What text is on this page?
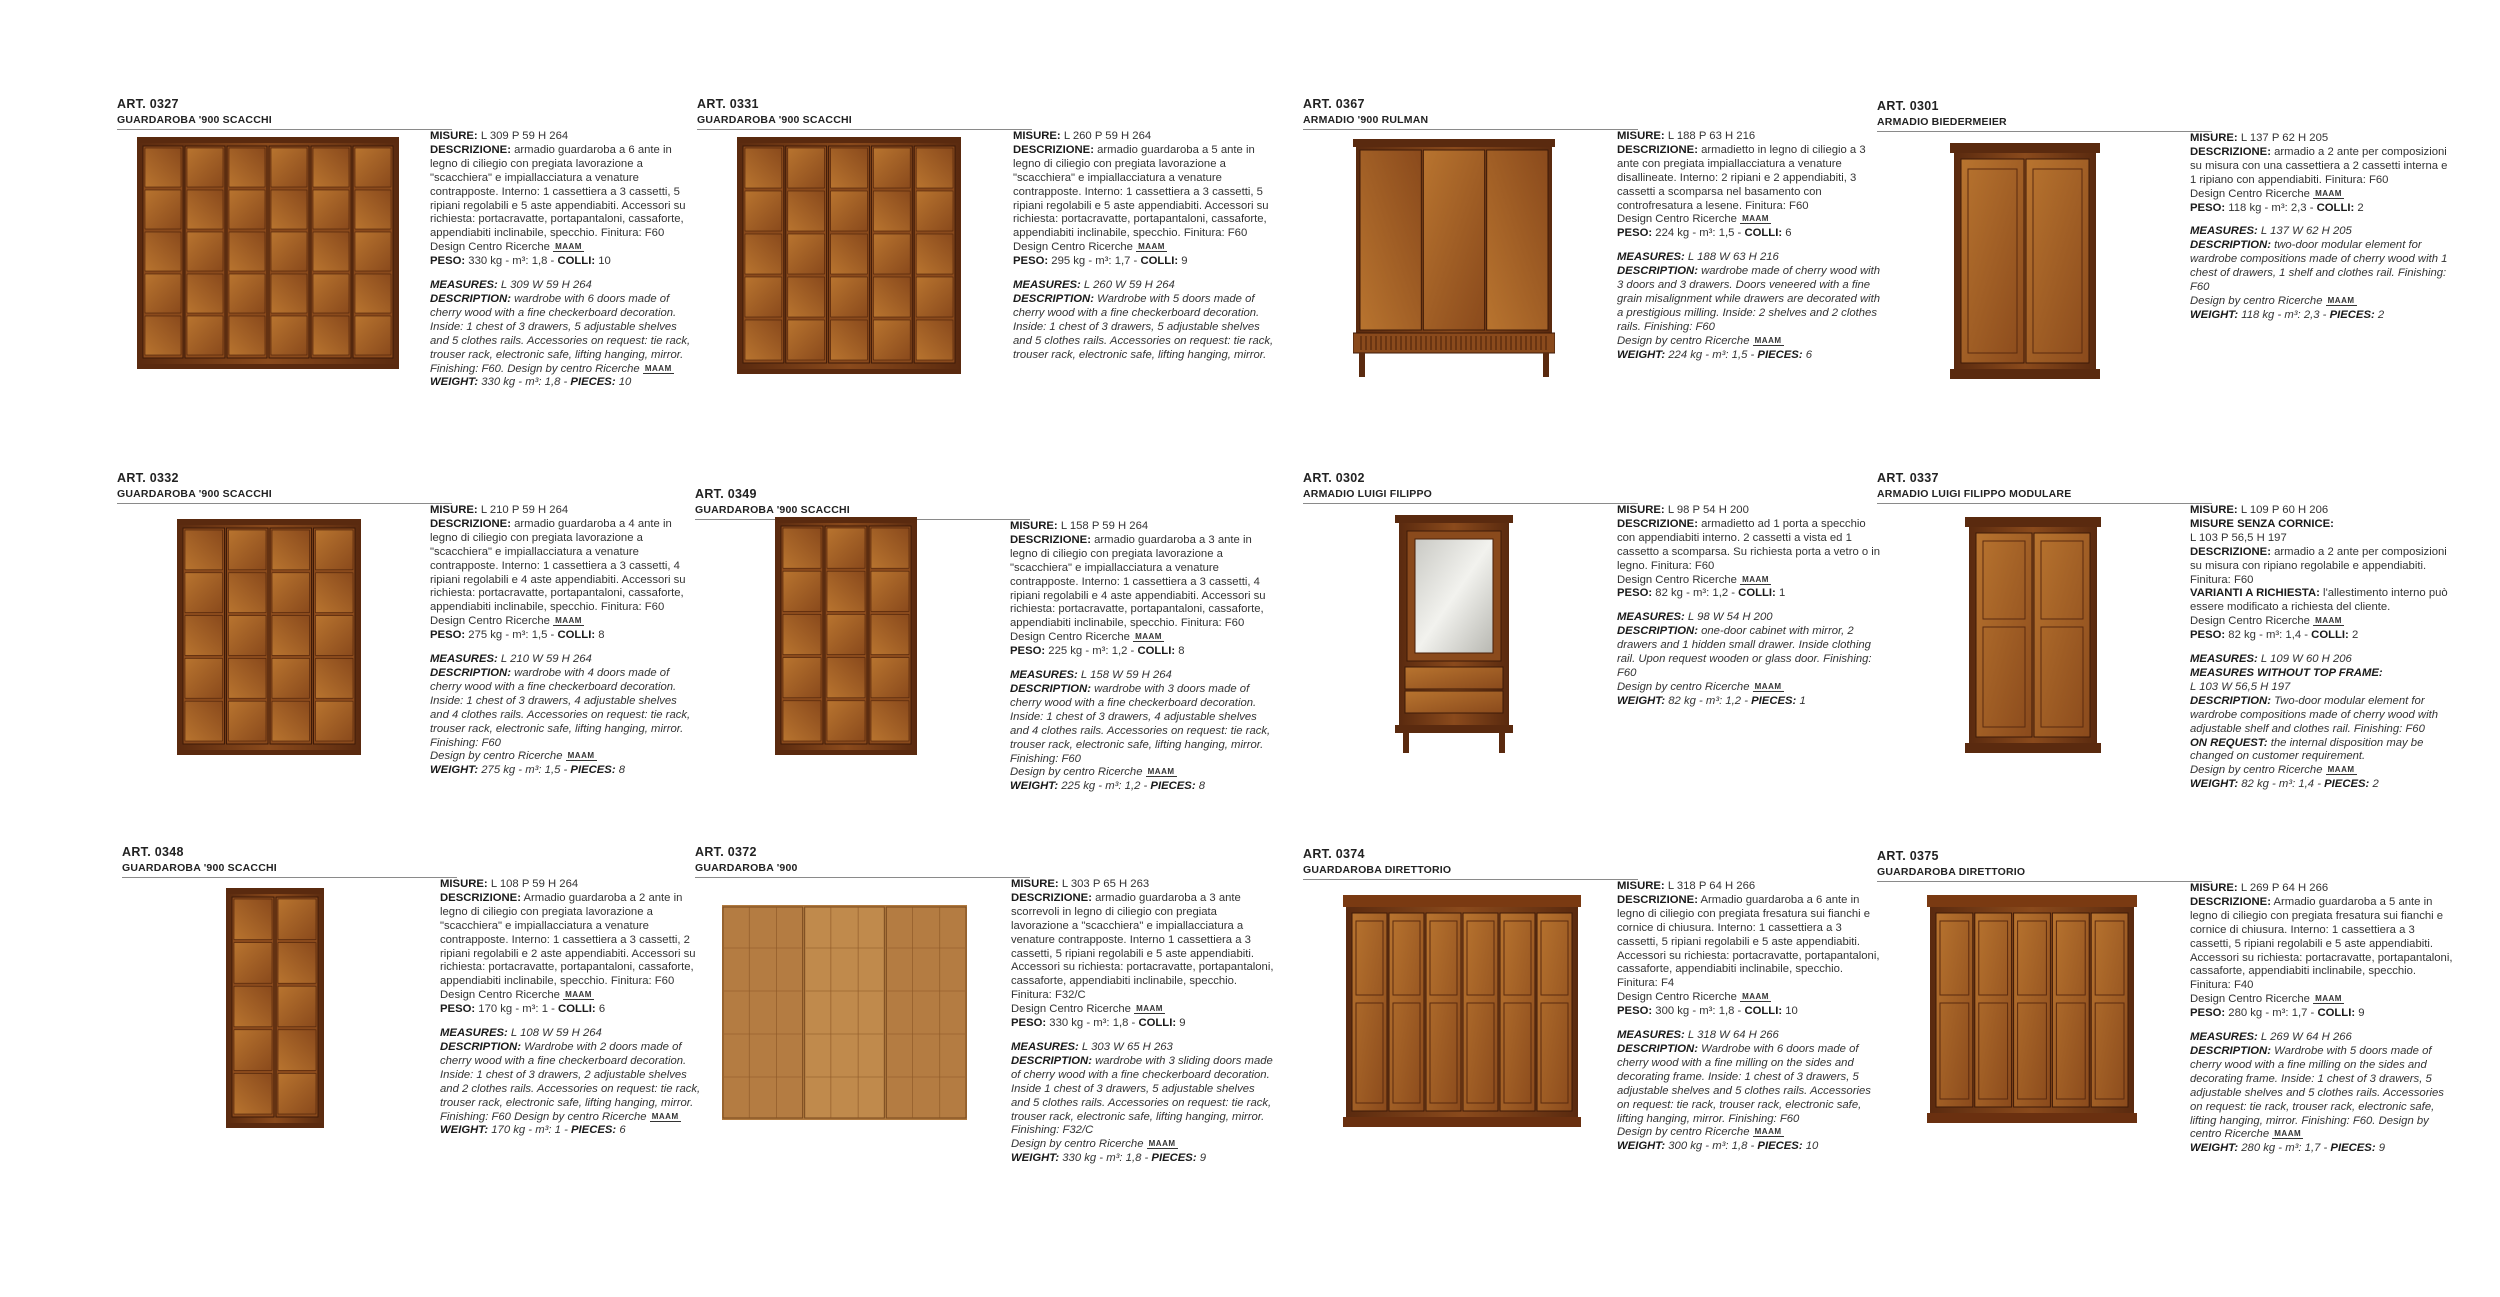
ART. 0327
GUARDAROBA '900 SCACCHI

MISURE: L 309 P 59 H 264

DESCRIZIONE: armadio guardaroba a 6 ante in legno di ciliegio con pregiata lavorazione a "scacchiera" e impiallacciatura a venature contrapposte. Interno: 1 cassettiera a 3 cassetti, 5 ripiani regolabili e 5 aste appendiabiti. Accessori su richiesta: portacravatte, portapantaloni, cassaforte, appendiabiti inclinabile, specchio. Finitura: F60

Design Centro Ricerche MAAM

PESO: 330 kg - m³: 1,8 - COLLI: 10

MEASURES: L 309 W 59 H 264

DESCRIPTION: wardrobe with 6 doors made of cherry wood with a fine checkerboard decoration. Inside: 1 chest of 3 drawers, 5 adjustable shelves and 5 clothes rails. Accessories on request: tie rack, trouser rack, electronic safe, lifting hanging, mirror. Finishing: F60. Design by centro Ricerche MAAM

WEIGHT: 330 kg - m³: 1,8 - PIECES: 10

ART. 0331
GUARDAROBA '900 SCACCHI

MISURE: L 260 P 59 H 264

DESCRIZIONE: armadio guardaroba a 5 ante in legno di ciliegio con pregiata lavorazione a "scacchiera" e impiallacciatura a venature contrapposte. Interno: 1 cassettiera a 3 cassetti, 5 ripiani regolabili e 5 aste appendiabiti. Accessori su richiesta: portacravatte, portapantaloni, cassaforte, appendiabiti inclinabile, specchio. Finitura: F60

Design Centro Ricerche MAAM

PESO: 295 kg - m³: 1,7 - COLLI: 9

MEASURES: L 260 W 59 H 264

DESCRIPTION: Wardrobe with 5 doors made of cherry wood with a fine checkerboard decoration. Inside: 1 chest of 3 drawers, 5 adjustable shelves and 5 clothes rails. Accessories on request: tie rack, trouser rack, electronic safe, lifting hanging, mirror.

ART. 0367
ARMADIO '900 RULMAN

MISURE: L 188 P 63 H 216

DESCRIZIONE: armadietto in legno di ciliegio a 3 ante con pregiata impiallacciatura a venature disallineate. Interno: 2 ripiani e 2 appendiabiti, 3 cassetti a scomparsa nel basamento con controfresatura a lesene. Finitura: F60

Design Centro Ricerche MAAM

PESO: 224 kg - m³: 1,5 - COLLI: 6

MEASURES: L 188 W 63 H 216

DESCRIPTION: wardrobe made of cherry wood with 3 doors and 3 drawers. Doors veneered with a fine grain misalignment while drawers are decorated with a prestigious milling. Inside: 2 shelves and 2 clothes rails. Finishing: F60

Design by centro Ricerche MAAM

WEIGHT: 224 kg - m³: 1,5 - PIECES: 6

ART. 0301
ARMADIO BIEDERMEIER

MISURE: L 137 P 62 H 205

DESCRIZIONE: armadio a 2 ante per composizioni su misura con una cassettiera a 2 cassetti interna e 1 ripiano con appendiabiti. Finitura: F60

Design Centro Ricerche MAAM

PESO: 118 kg - m³: 2,3 - COLLI: 2

MEASURES: L 137 W 62 H 205

DESCRIPTION: two-door modular element for wardrobe compositions made of cherry wood with 1 chest of drawers, 1 shelf and clothes rail. Finishing: F60

Design by centro Ricerche MAAM

WEIGHT: 118 kg - m³: 2,3 - PIECES: 2

ART. 0332
GUARDAROBA '900 SCACCHI

MISURE: L 210 P 59 H 264

DESCRIZIONE: armadio guardaroba a 4 ante in legno di ciliegio con pregiata lavorazione a "scacchiera" e impiallacciatura a venature contrapposte. Interno: 1 cassettiera a 3 cassetti, 4 ripiani regolabili e 4 aste appendiabiti. Accessori su richiesta: portacravatte, portapantaloni, cassaforte, appendiabiti inclinabile, specchio. Finitura: F60

Design Centro Ricerche MAAM

PESO: 275 kg - m³: 1,5 - COLLI: 8

MEASURES: L 210 W 59 H 264

DESCRIPTION: wardrobe with 4 doors made of cherry wood with a fine checkerboard decoration. Inside: 1 chest of 3 drawers, 4 adjustable shelves and 4 clothes rails. Accessories on request: tie rack, trouser rack, electronic safe, lifting hanging, mirror. Finishing: F60

Design by centro Ricerche MAAM

WEIGHT: 275 kg - m³: 1,5 - PIECES: 8

ART. 0349
GUARDAROBA '900 SCACCHI

MISURE: L 158 P 59 H 264

DESCRIZIONE: armadio guardaroba a 3 ante in legno di ciliegio con pregiata lavorazione a "scacchiera" e impiallacciatura a venature contrapposte. Interno: 1 cassettiera a 3 cassetti, 4 ripiani regolabili e 4 aste appendiabiti. Accessori su richiesta: portacravatte, portapantaloni, cassaforte, appendiabiti inclinabile, specchio. Finitura: F60

Design Centro Ricerche MAAM

PESO: 225 kg - m³: 1,2 - COLLI: 8

MEASURES: L 158 W 59 H 264

DESCRIPTION: wardrobe with 3 doors made of cherry wood with a fine checkerboard decoration. Inside: 1 chest of 3 drawers, 4 adjustable shelves and 4 clothes rails. Accessories on request: tie rack, trouser rack, electronic safe, lifting hanging, mirror. Finishing: F60

Design by centro Ricerche MAAM

WEIGHT: 225 kg - m³: 1,2 - PIECES: 8

ART. 0302
ARMADIO LUIGI FILIPPO

MISURE: L 98 P 54 H 200

DESCRIZIONE: armadietto ad 1 porta a specchio con appendiabiti interno. 2 cassetti a vista ed 1 cassetto a scomparsa. Su richiesta porta a vetro o in legno. Finitura: F60

Design Centro Ricerche MAAM

PESO: 82 kg - m³: 1,2 - COLLI: 1

MEASURES: L 98 W 54 H 200

DESCRIPTION: one-door cabinet with mirror, 2 drawers and 1 hidden small drawer. Inside clothing rail. Upon request wooden or glass door. Finishing: F60

Design by centro Ricerche MAAM

WEIGHT: 82 kg - m³: 1,2 - PIECES: 1

ART. 0337
ARMADIO LUIGI FILIPPO MODULARE

MISURE: L 109 P 60 H 206

MISURE SENZA CORNICE:

L 103 P 56,5 H 197

DESCRIZIONE: armadio a 2 ante per composizioni su misura con ripiano regolabile e appendiabiti. Finitura: F60

VARIANTI A RICHIESTA: l'allestimento interno può essere modificato a richiesta del cliente.

Design Centro Ricerche MAAM

PESO: 82 kg - m³: 1,4 - COLLI: 2

MEASURES: L 109 W 60 H 206

MEASURES WITHOUT TOP FRAME:

L 103 W 56,5 H 197

DESCRIPTION: Two-door modular element for wardrobe compositions made of cherry wood with adjustable shelf and clothes rail. Finishing: F60

ON REQUEST: the internal disposition may be changed on customer requirement.

Design by centro Ricerche MAAM

WEIGHT: 82 kg - m³: 1,4 - PIECES: 2

ART. 0348
GUARDAROBA '900 SCACCHI

MISURE: L 108 P 59 H 264

DESCRIZIONE: Armadio guardaroba a 2 ante in legno di ciliegio con pregiata lavorazione a "scacchiera" e impiallacciatura a venature contrapposte. Interno: 1 cassettiera a 3 cassetti, 2 ripiani regolabili e 2 aste appendiabiti. Accessori su richiesta: portacravatte, portapantaloni, cassaforte, appendiabiti inclinabile, specchio. Finitura: F60

Design Centro Ricerche MAAM

PESO: 170 kg - m³: 1 - COLLI: 6

MEASURES: L 108 W 59 H 264

DESCRIPTION: Wardrobe with 2 doors made of cherry wood with a fine checkerboard decoration. Inside: 1 chest of 3 drawers, 2 adjustable shelves and 2 clothes rails. Accessories on request: tie rack, trouser rack, electronic safe, lifting hanging, mirror. Finishing: F60 Design by centro Ricerche MAAM

WEIGHT: 170 kg - m³: 1 - PIECES: 6

ART. 0372
GUARDAROBA '900

MISURE: L 303 P 65 H 263

DESCRIZIONE: armadio guardaroba a 3 ante scorrevoli in legno di ciliegio con pregiata lavorazione a "scacchiera" e impiallacciatura a venature contrapposte. Interno 1 cassettiera a 3 cassetti, 5 ripiani regolabili e 5 aste appendiabiti. Accessori su richiesta: portacravatte, portapantaloni, cassaforte, appendiabiti inclinabile, specchio. Finitura: F32/C

Design Centro Ricerche MAAM

PESO: 330 kg - m³: 1,8 - COLLI: 9

MEASURES: L 303 W 65 H 263

DESCRIPTION: wardrobe with 3 sliding doors made of cherry wood with a fine checkerboard decoration. Inside 1 chest of 3 drawers, 5 adjustable shelves and 5 clothes rails. Accessories on request: tie rack, trouser rack, electronic safe, lifting hanging, mirror. Finishing: F32/C

Design by centro Ricerche MAAM

WEIGHT: 330 kg - m³: 1,8 - PIECES: 9

ART. 0374
GUARDAROBA DIRETTORIO

MISURE: L 318 P 64 H 266

DESCRIZIONE: Armadio guardaroba a 6 ante in legno di ciliegio con pregiata fresatura sui fianchi e cornice di chiusura. Interno: 1 cassettiera a 3 cassetti, 5 ripiani regolabili e 5 aste appendiabiti. Accessori su richiesta: portacravatte, portapantaloni, cassaforte, appendiabiti inclinabile, specchio. Finitura: F4

Design Centro Ricerche MAAM

PESO: 300 kg - m³: 1,8 - COLLI: 10

MEASURES: L 318 W 64 H 266

DESCRIPTION: Wardrobe with 6 doors made of cherry wood with a fine milling on the sides and decorating frame. Inside: 1 chest of 3 drawers, 5 adjustable shelves and 5 clothes rails. Accessories on request: tie rack, trouser rack, electronic safe, lifting hanging, mirror. Finishing: F60

Design by centro Ricerche MAAM

WEIGHT: 300 kg - m³: 1,8 - PIECES: 10

ART. 0375
GUARDAROBA DIRETTORIO

MISURE: L 269 P 64 H 266

DESCRIZIONE: Armadio guardaroba a 5 ante in legno di ciliegio con pregiata fresatura sui fianchi e cornice di chiusura. Interno: 1 cassettiera a 3 cassetti, 5 ripiani regolabili e 5 aste appendiabiti. Accessori su richiesta: portacravatte, portapantaloni, cassaforte, appendiabiti inclinabile, specchio. Finitura: F40

Design Centro Ricerche MAAM

PESO: 280 kg - m³: 1,7 - COLLI: 9

MEASURES: L 269 W 64 H 266

DESCRIPTION: Wardrobe with 5 doors made of cherry wood with a fine milling on the sides and decorating frame. Inside: 1 chest of 3 drawers, 5 adjustable shelves and 5 clothes rails. Accessories on request: tie rack, trouser rack, electronic safe, lifting hanging, mirror. Finishing: F60. Design by centro Ricerche MAAM

WEIGHT: 280 kg - m³: 1,7 - PIECES: 9
